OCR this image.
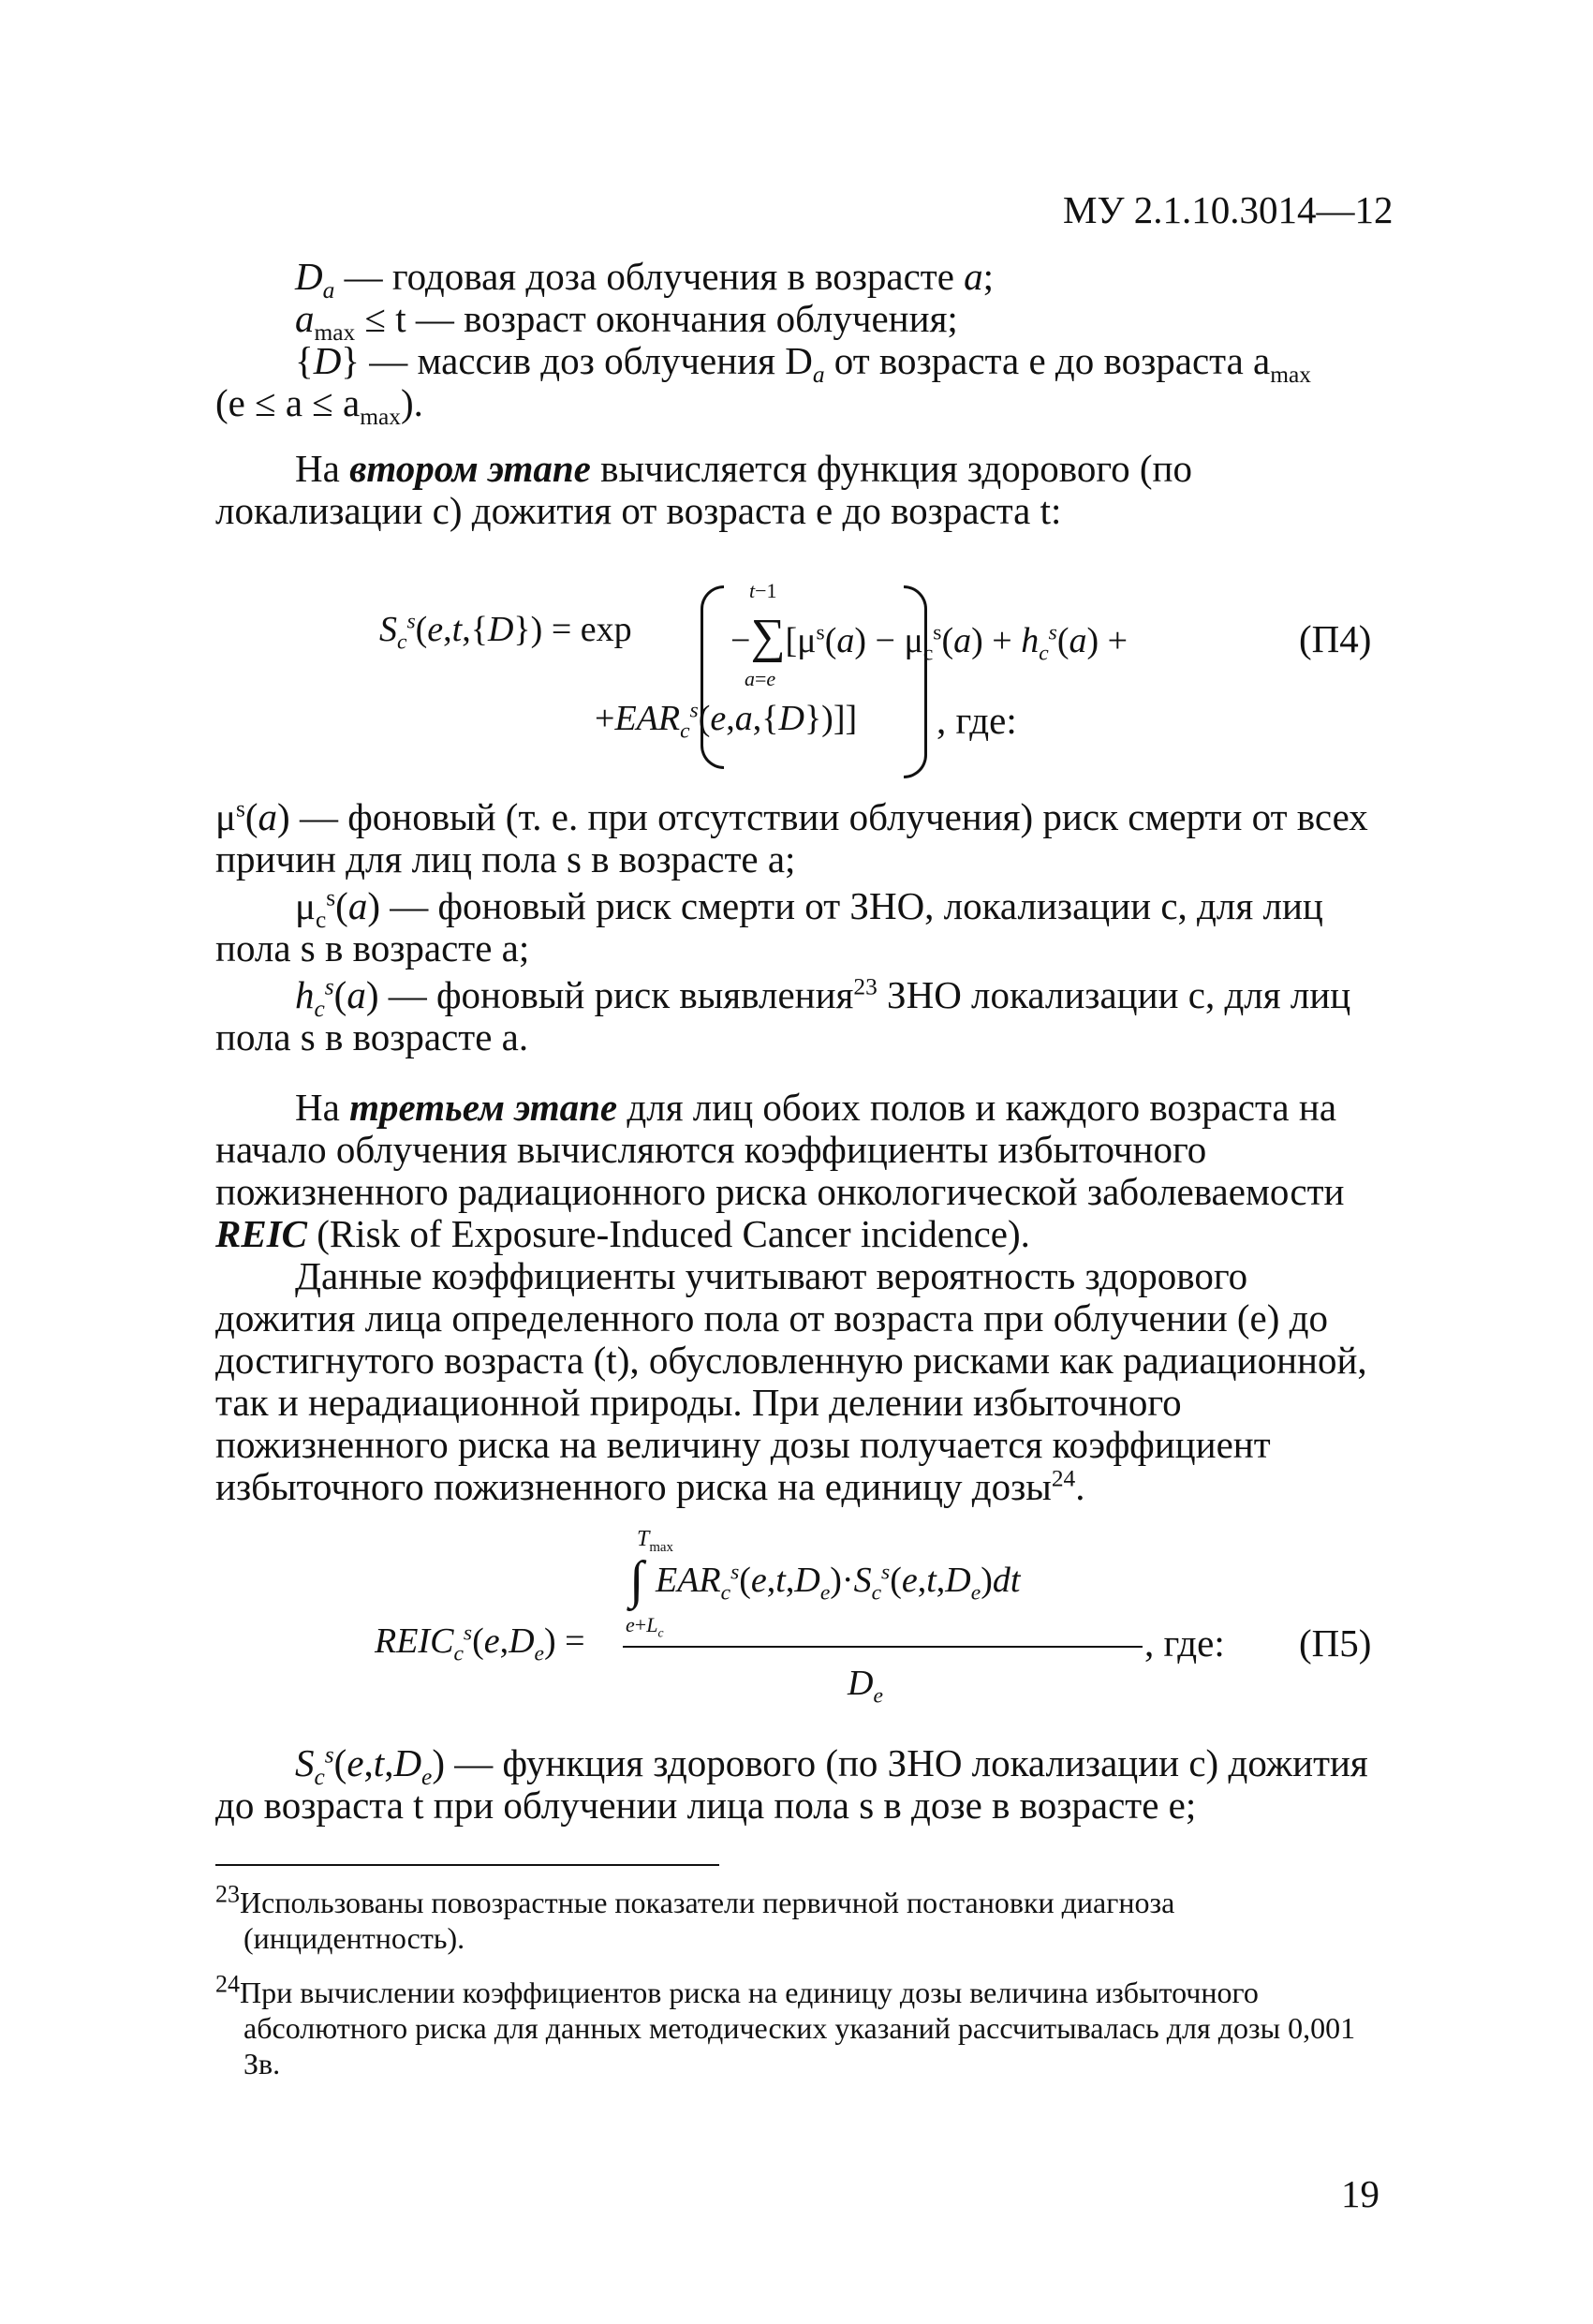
МУ 2.1.10.3014—12
$D_a$ — годовая доза облучения в возрасте a;
$a_{max} \le t$ — возраст окончания облучения;
{D} — массив доз облучения $D_a$ от возраста e до возраста $a_{max}$
$(e \le a \le a_{max})$.
На втором этапе вычисляется функция здорового (по локализации c) дожития от возраста e до возраста t:
$S_c^s(e,t,\{D\}) = \exp$	$-\sum[\mu^s(a) - \mu_c^s(a) + h_c^s(a)$ +
t−1
a=e
$+EAR_c^s(e,a,\{D\})$]] , где:
(П4)
$\mu^s(a)$ — фоновый (т. е. при отсутствии облучения) риск смерти от всех причин для лиц пола s в возрасте a;
$\mu_c^s(a)$ — фоновый риск смерти от ЗНО, локализации c, для лиц пола s в возрасте a;
$h_c^s(a)$ — фоновый риск выявления$^{23}$ ЗНО локализации c, для лиц пола s в возрасте a.
На третьем этапе для лиц обоих полов и каждого возраста на начало облучения вычисляются коэффициенты избыточного пожизненного радиационного риска онкологической заболеваемости REIC (Risk of Exposure-Induced Cancer incidence).
Данные коэффициенты учитывают вероятность здорового дожития лица определенного пола от возраста при облучении (e) до достигнутого возраста (t), обусловленную рисками как радиационной, так и нерадиационной природы. При делении избыточного пожизненного риска на величину дозы получается коэффициент избыточного пожизненного риска на единицу дозы$^{24}$.
$T_{max}$
∫ $EAR_c^s(e,t,D_e)\cdot S_c^s(e,t,D_e)dt$
$e+L_c$
$REIC_c^s(e,D_e)$ =
$D_e$
, где: (П5)
$S_c^s(e,t,D_e)$ — функция здорового (по ЗНО локализации c) дожития до возраста t при облучении лица пола s в дозе в возрасте e;
$^{23}$Использованы повозрастные показатели первичной постановки диагноза (инцидентность).
$^{24}$При вычислении коэффициентов риска на единицу дозы величина избыточного абсолютного риска для данных методических указаний рассчитывалась для дозы 0,001 Зв.
19
